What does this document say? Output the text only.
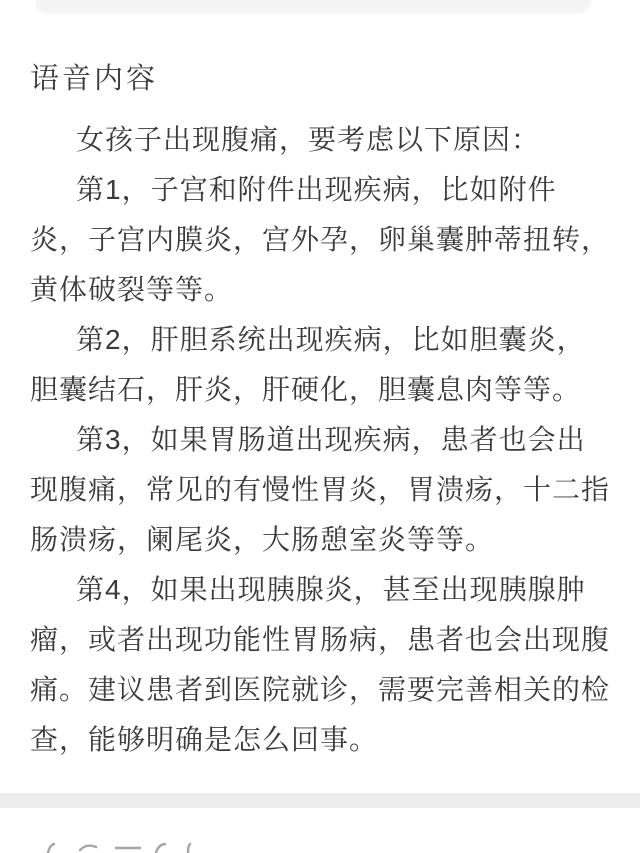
语音内容
女孩子出现腹痛，要考虑以下原因：
第1，子宫和附件出现疾病，比如附件
炎，子宫内膜炎，宫外孕，卵巢囊肿蒂扭转，
黄体破裂等等。
第2，肝胆系统出现疾病，比如胆囊炎，
胆囊结石，肝炎，肝硬化，胆囊息肉等等。
第3，如果胃肠道出现疾病，患者也会出
现腹痛，常见的有慢性胃炎，胃溃疡，十二指
肠溃疡，阑尾炎，大肠憩室炎等等。
第4，如果出现胰腺炎，甚至出现胰腺肿
瘤，或者出现功能性胃肠病，患者也会出现腹
痛。建议患者到医院就诊，需要完善相关的检
查，能够明确是怎么回事。
